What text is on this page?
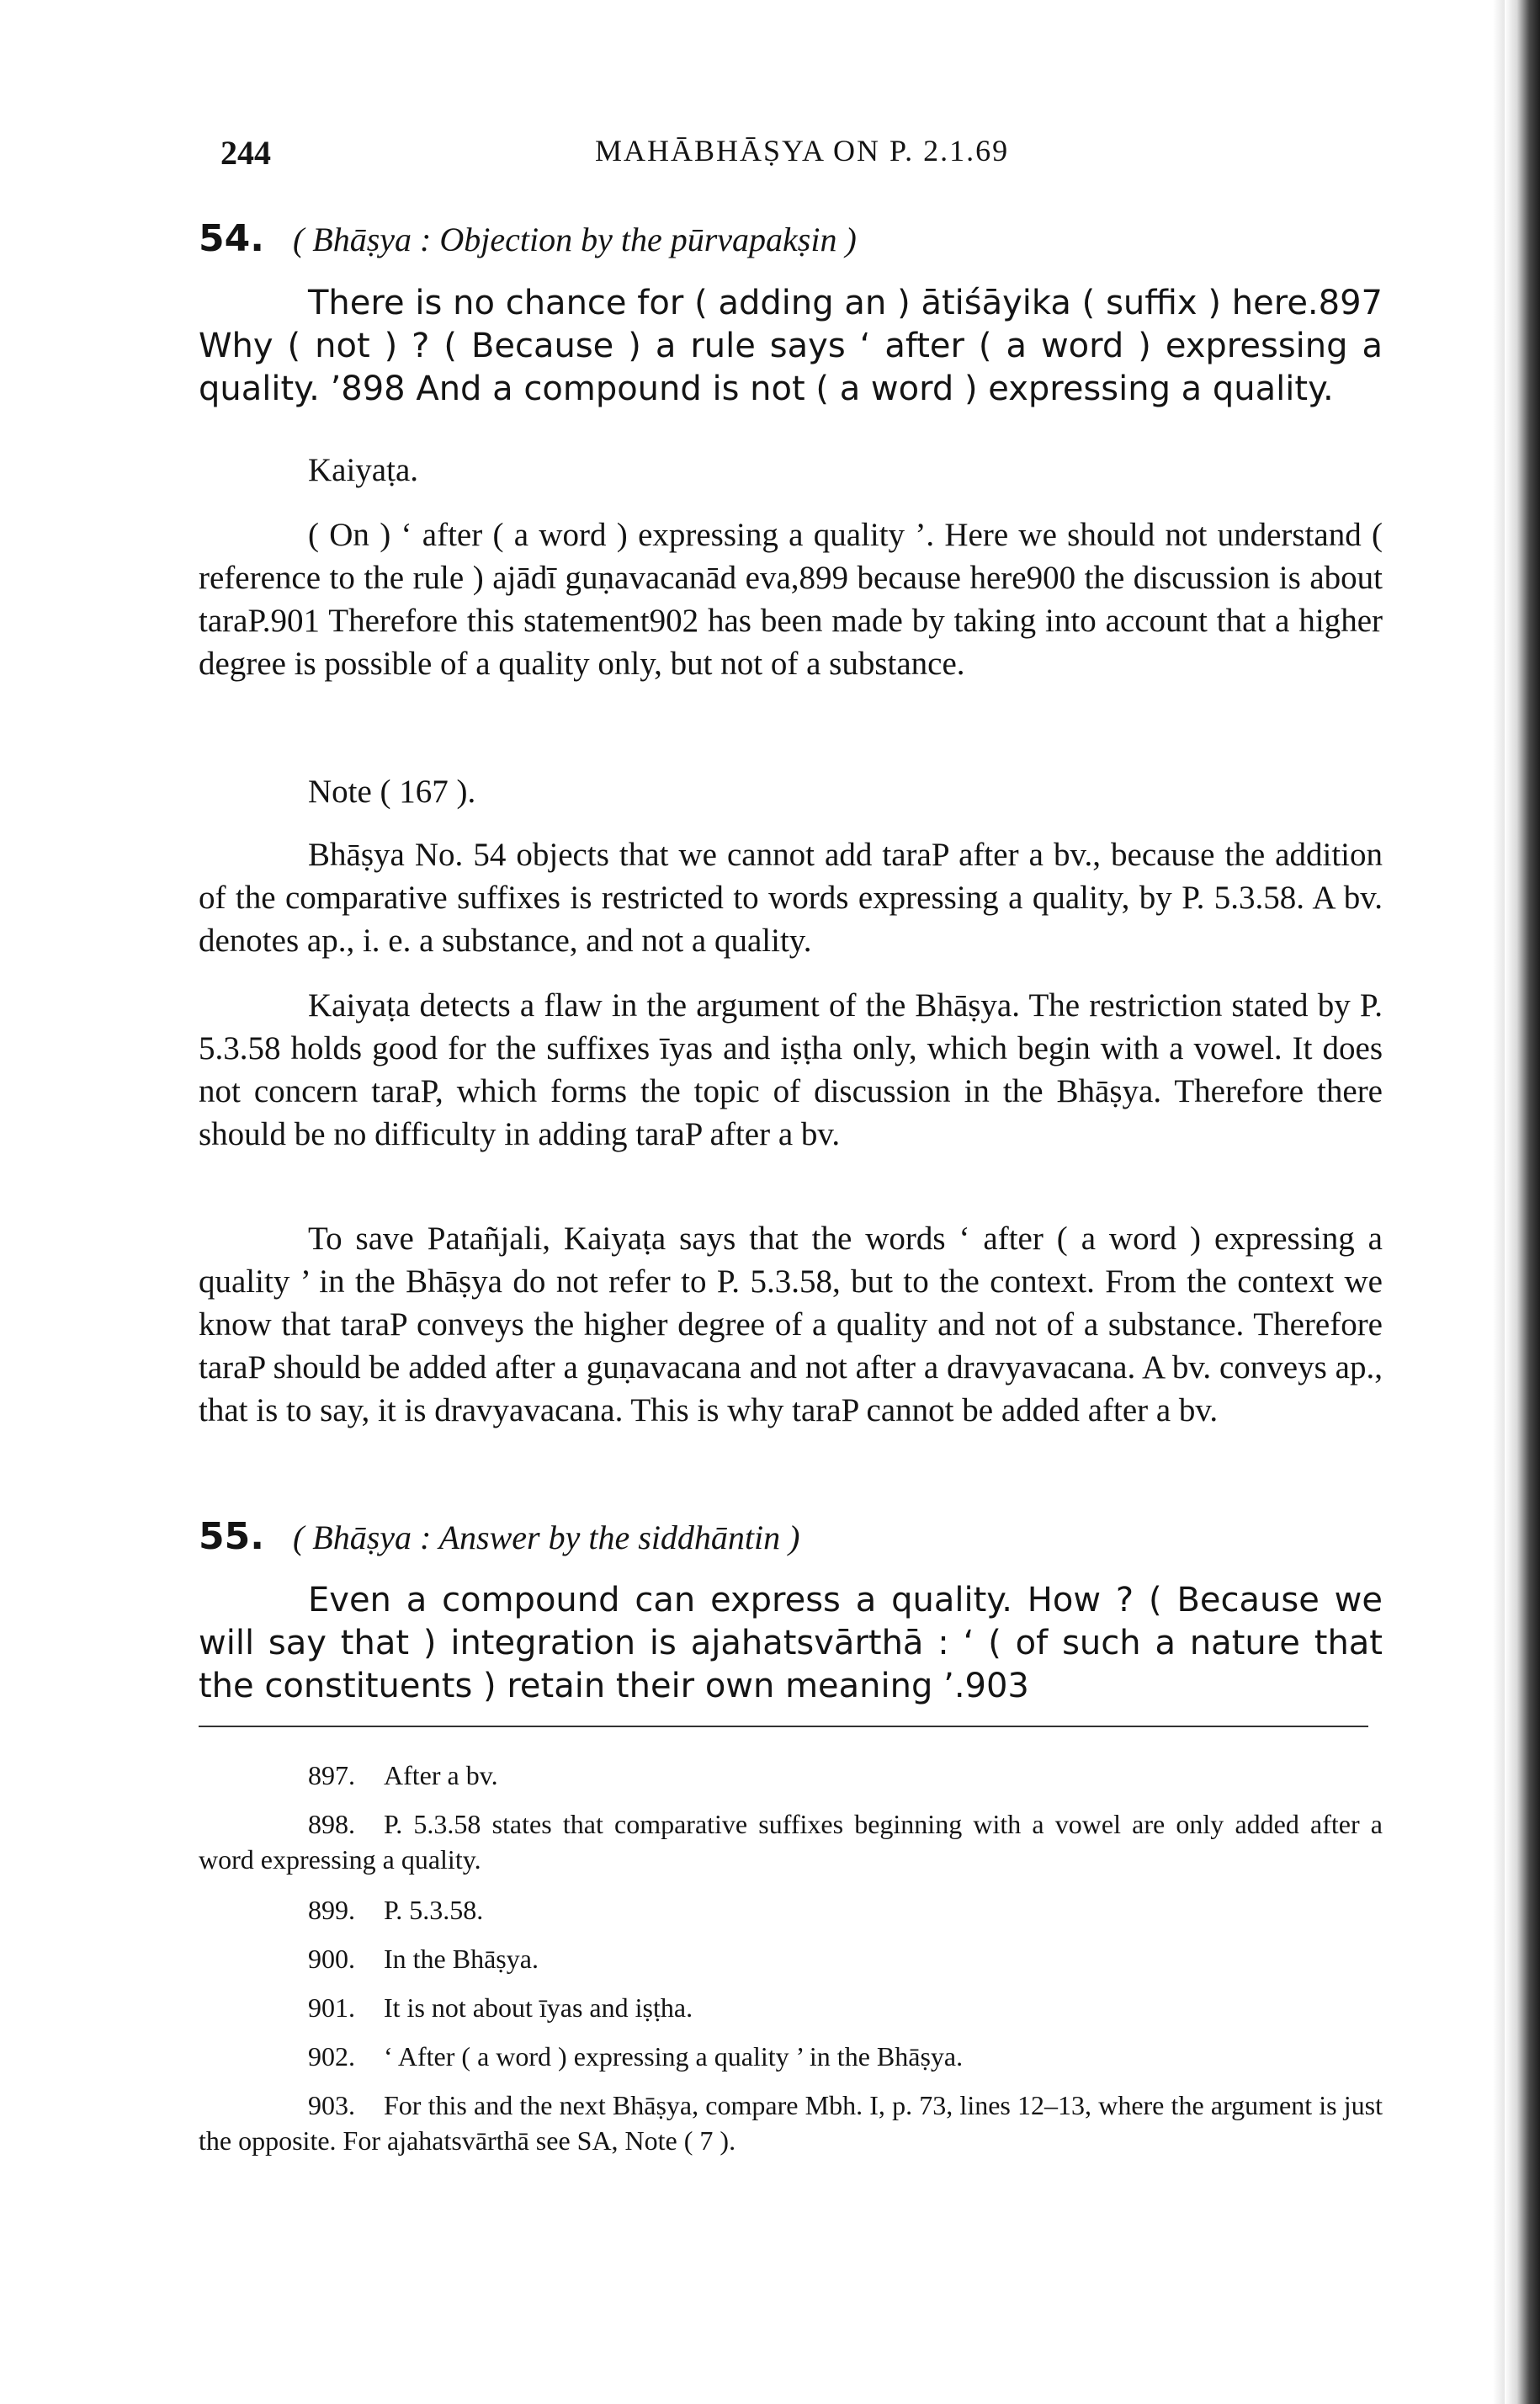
244	MAHĀBHĀṢYA ON P. 2.1.69
54. ( Bhāṣya : Objection by the pūrvapakṣin )

There is no chance for ( adding an ) ātiśāyika ( suffix ) here.897 Why ( not ) ? ( Because ) a rule says ‘ after ( a word ) expressing a quality. ’898 And a compound is not ( a word ) expressing a quality.

Kaiyaṭa.

( On ) ‘ after ( a word ) expressing a quality ’. Here we should not understand ( reference to the rule ) ajādī guṇavacanād eva,899 because here900 the discussion is about taraP.901 Therefore this statement902 has been made by taking into account that a higher degree is possible of a quality only, but not of a substance.

Note ( 167 ).

Bhāṣya No. 54 objects that we cannot add taraP after a bv., because the addition of the comparative suffixes is restricted to words expressing a quality, by P. 5.3.58. A bv. denotes ap., i. e. a substance, and not a quality.

Kaiyaṭa detects a flaw in the argument of the Bhāṣya. The restriction stated by P. 5.3.58 holds good for the suffixes īyas and iṣṭha only, which begin with a vowel. It does not concern taraP, which forms the topic of discussion in the Bhāṣya. Therefore there should be no difficulty in adding taraP after a bv.

To save Patañjali, Kaiyaṭa says that the words ‘ after ( a word ) expressing a quality ’ in the Bhāṣya do not refer to P. 5.3.58, but to the context. From the context we know that taraP conveys the higher degree of a quality and not of a substance. Therefore taraP should be added after a guṇavacana and not after a dravyavacana. A bv. conveys ap., that is to say, it is dravyavacana. This is why taraP cannot be added after a bv.

55. ( Bhāṣya : Answer by the siddhāntin )

Even a compound can express a quality. How ? ( Because we will say that ) integration is ajahatsvārthā : ‘ ( of such a nature that the constituents ) retain their own meaning ’.903

897. After a bv.

898. P. 5.3.58 states that comparative suffixes beginning with a vowel are only added after a word expressing a quality.

899. P. 5.3.58.

900. In the Bhāṣya.

901. It is not about īyas and iṣṭha.

902. ‘ After ( a word ) expressing a quality ’ in the Bhāṣya.

903. For this and the next Bhāṣya, compare Mbh. I, p. 73, lines 12–13, where the argument is just the opposite. For ajahatsvārthā see SA, Note ( 7 ).
